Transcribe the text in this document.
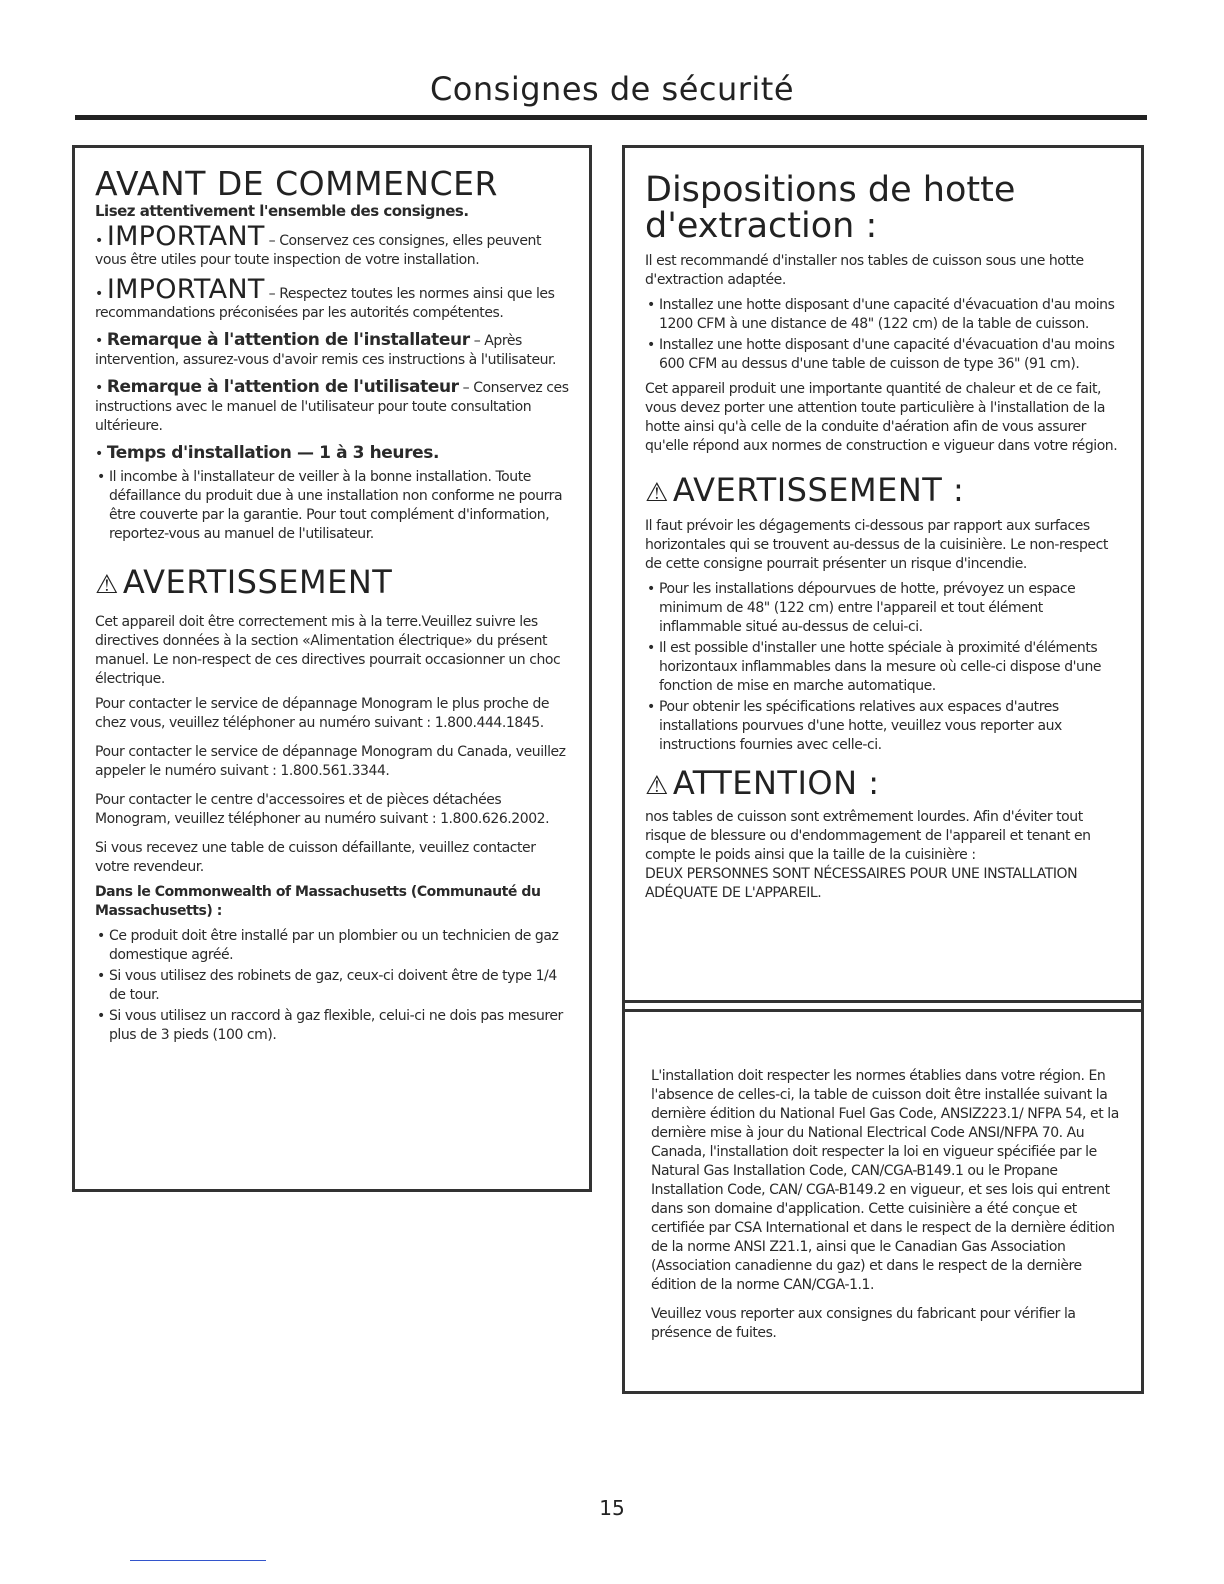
Consignes de sécurité
AVANT DE COMMENCER

Lisez attentivement l'ensemble des consignes.

• IMPORTANT – Conservez ces consignes, elles peuvent vous être utiles pour toute inspection de votre installation.
• IMPORTANT – Respectez toutes les normes ainsi que les recommandations préconisées par les autorités compétentes.
• Remarque à l'attention de l'installateur – Après intervention, assurez-vous d'avoir remis ces instructions à l'utilisateur.
• Remarque à l'attention de l'utilisateur – Conservez ces instructions avec le manuel de l'utilisateur pour toute consultation ultérieure.
• Temps d'installation — 1 à 3 heures.
• Il incombe à l'installateur de veiller à la bonne installation. Toute défaillance du produit due à une installation non conforme ne pourra être couverte par la garantie. Pour tout complément d'information, reportez-vous au manuel de l'utilisateur.
⚠ AVERTISSEMENT

Cet appareil doit être correctement mis à la terre.Veuillez suivre les directives données à la section «Alimentation électrique» du présent manuel. Le non-respect de ces directives pourrait occasionner un choc électrique.

Pour contacter le service de dépannage Monogram le plus proche de chez vous, veuillez téléphoner au numéro suivant : 1.800.444.1845.

Pour contacter le service de dépannage Monogram du Canada, veuillez appeler le numéro suivant : 1.800.561.3344.

Pour contacter le centre d'accessoires et de pièces détachées Monogram, veuillez téléphoner au numéro suivant : 1.800.626.2002.

Si vous recevez une table de cuisson défaillante, veuillez contacter votre revendeur.

Dans le Commonwealth of Massachusetts (Communauté du Massachusetts) :

• Ce produit doit être installé par un plombier ou un technicien de gaz domestique agréé.
• Si vous utilisez des robinets de gaz, ceux-ci doivent être de type 1/4 de tour.
• Si vous utilisez un raccord à gaz flexible, celui-ci ne dois pas mesurer plus de 3 pieds (100 cm).
Dispositions de hotte d'extraction :

Il est recommandé d'installer nos tables de cuisson sous une hotte d'extraction adaptée.

• Installez une hotte disposant d'une capacité d'évacuation d'au moins 1200 CFM à une distance de 48" (122 cm) de la table de cuisson.
• Installez une hotte disposant d'une capacité d'évacuation d'au moins 600 CFM au dessus d'une table de cuisson de type 36" (91 cm).

Cet appareil produit une importante quantité de chaleur et de ce fait, vous devez porter une attention toute particulière à l'installation de la hotte ainsi qu'à celle de la conduite d'aération afin de vous assurer qu'elle répond aux normes de construction e vigueur dans votre région.

⚠ AVERTISSEMENT :

Il faut prévoir les dégagements ci-dessous par rapport aux surfaces horizontales qui se trouvent au-dessus de la cuisinière. Le non-respect de cette consigne pourrait présenter un risque d'incendie.

• Pour les installations dépourvues de hotte, prévoyez un espace minimum de 48" (122 cm) entre l'appareil et tout élément inflammable situé au-dessus de celui-ci.
• Il est possible d'installer une hotte spéciale à proximité d'éléments horizontaux inflammables dans la mesure où celle-ci dispose d'une fonction de mise en marche automatique.
• Pour obtenir les spécifications relatives aux espaces d'autres installations pourvues d'une hotte, veuillez vous reporter aux instructions fournies avec celle-ci.
⚠ ATTENTION :

nos tables de cuisson sont extrêmement lourdes. Afin d'éviter tout risque de blessure ou d'endommagement de l'appareil et tenant en compte le poids ainsi que la taille de la cuisinière :

DEUX PERSONNES SONT NÉCESSAIRES POUR UNE INSTALLATION ADÉQUATE DE L'APPAREIL.

L'installation doit respecter les normes établies dans votre région. En l'absence de celles-ci, la table de cuisson doit être installée suivant la dernière édition du National Fuel Gas Code, ANSIZ223.1/ NFPA 54, et la dernière mise à jour du National Electrical Code ANSI/NFPA 70. Au Canada, l'installation doit respecter la loi en vigueur spécifiée par le Natural Gas Installation Code, CAN/CGA-B149.1 ou le Propane Installation Code, CAN/ CGA-B149.2 en vigueur, et ses lois qui entrent dans son domaine d'application. Cette cuisinière a été conçue et certifiée par CSA International et dans le respect de la dernière édition de la norme ANSI Z21.1, ainsi que le Canadian Gas Association (Association canadienne du gaz) et dans le respect de la dernière édition de la norme CAN/CGA-1.1.

Veuillez vous reporter aux consignes du fabricant pour vérifier la présence de fuites.

15
